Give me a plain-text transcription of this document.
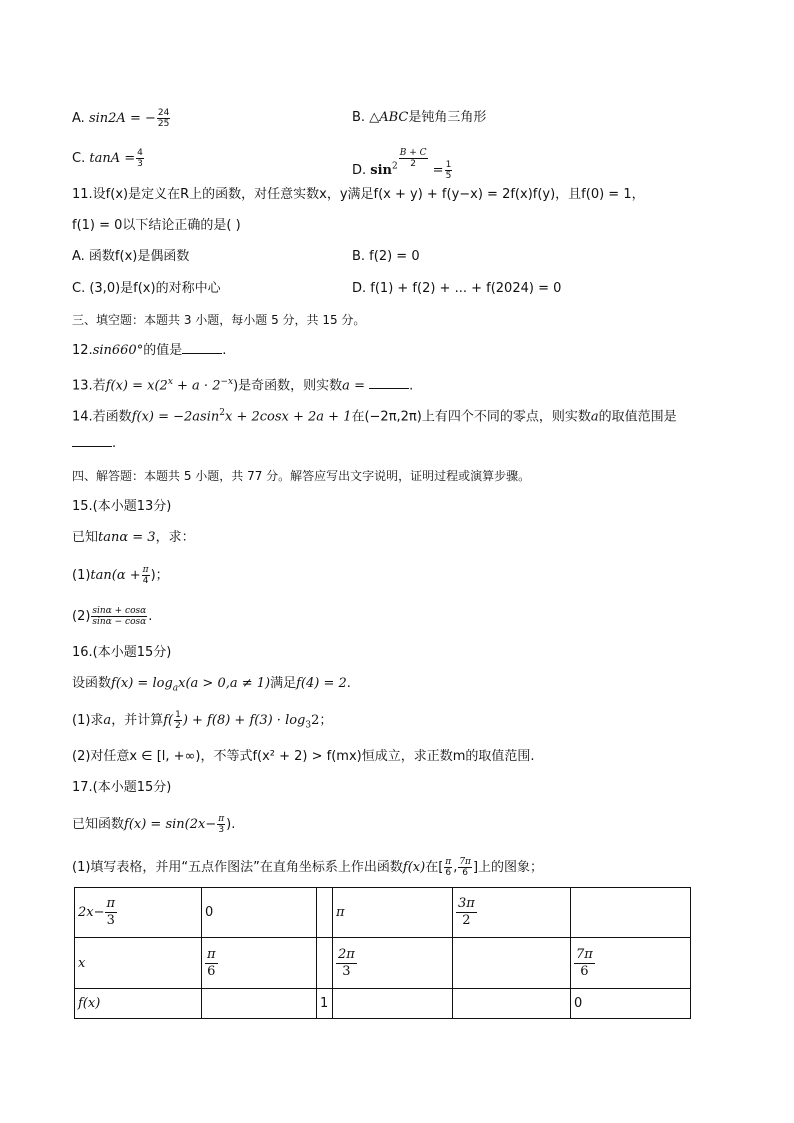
A. sin2A = − $\frac{24}{25}$	B. △ABC是钝角三角形
C. $\tan A = \frac{4}{3}$
D. $\sin^2 \frac{B + C}{2}$
= $\frac{1}{5}$
11.设f(x)是定义在R上的函数，对任意实数x，y满足f(x + y) + f(y−x) = 2f(x)f(y)，且f(0) = 1，
f(1) = 0以下结论正确的是( )
A. 函数f(x)是偶函数	B. f(2) = 0
C. (3,0)是f(x)的对称中心	D. f(1) + f(2) + ... + f(2024) = 0
三、填空题：本题共 3 小题，每小题 5 分，共 15 分。
12.sin660°的值是	.
13.若$f(x) = x(2^x + a \cdot 2^{-x})$是奇函数，则实数a =	.
14.若函数f(x) = −2asin$^2$x + 2cosx + 2a + 1在(−2π,2π)上有四个不同的零点，则实数a的取值范围是
.
四、解答题：本题共 5 小题，共 77 分。解答应写出文字说明，证明过程或演算步骤。
15.(本小题13分)
已知tanα = 3，求：
$(1)\tan(\alpha + \frac{\pi}{4}$ )；
$(2) \frac{\sin\alpha + \cos\alpha}{\sin\alpha - \cos\alpha}$ .
16.(本小题15分)
设函数$f(x) = \log_ax(a > 0,a \ne 1)$满足f(4) = 2.
(1)求a，并计算$f( \frac{1}{2}$ ) + $f(8) + f(3) \cdot \log_32$；
(2)对任意x ∈ [l, +∞)，不等式f(x² + 2) > f(mx)恒成立，求正数m的取值范围.
17.(本小题15分)
已知函数$f(x) = \sin(2x- \frac{\pi}{3}$ ).
(1)填写表格，并用“五点作图法”在直角坐标系上作出函数f(x)在[ $\frac{\pi}{6}$ , $\frac{7\pi}{6}$ ]上的图象；
$2x- \frac{\pi}{3}$	0		π	$\frac{3\pi}{2}$

x	$\frac{\pi}{6}$		$\frac{2\pi}{3}$		$\frac{7\pi}{6}$

f(x)		1			0
